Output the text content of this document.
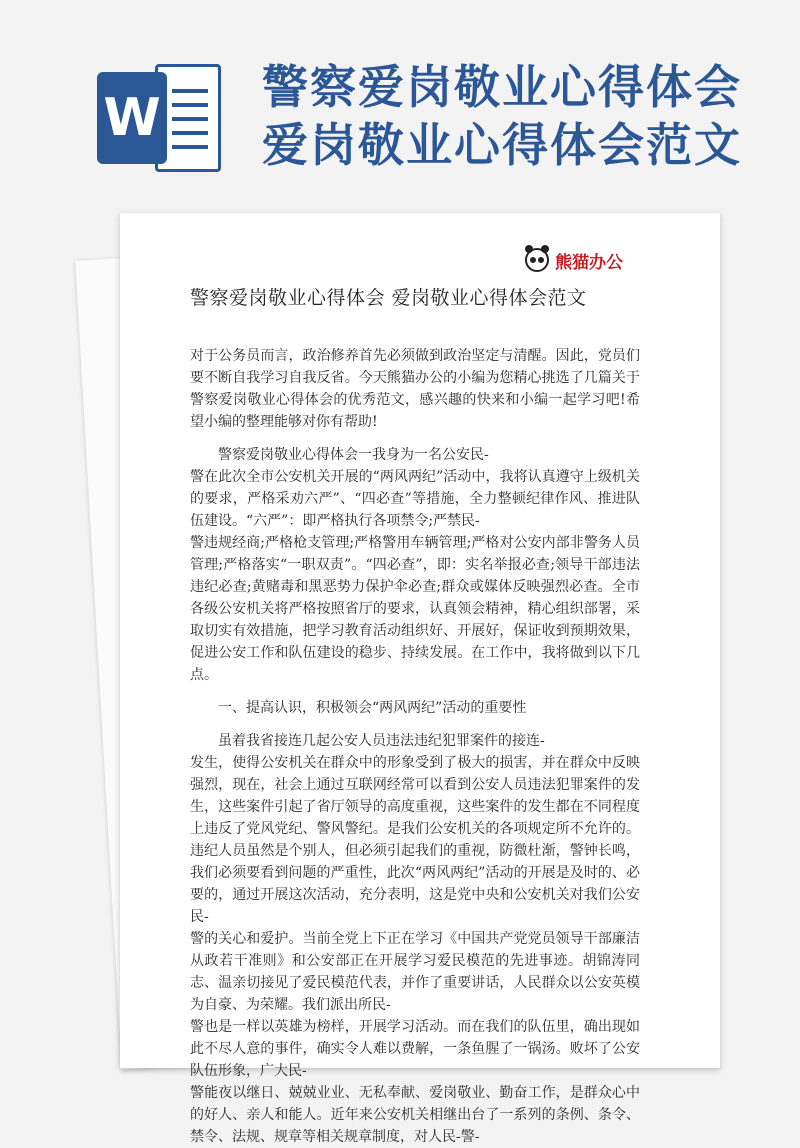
W
警察爱岗敬业心得体会
爱岗敬业心得体会范文
熊猫办公
警察爱岗敬业心得体会 爱岗敬业心得体会范文

对于公务员而言，政治修养首先必须做到政治坚定与清醒。因此，党员们要不断自我学习自我反省。今天熊猫办公的小编为您精心挑选了几篇关于警察爱岗敬业心得体会的优秀范文，感兴趣的快来和小编一起学习吧!希望小编的整理能够对你有帮助!

警察爱岗敬业心得体会一我身为一名公安民-

警在此次全市公安机关开展的“两风两纪”活动中，我将认真遵守上级机关的要求，严格采劝六严”、“四必查”等措施，全力整顿纪律作风、推进队伍建设。“六严”：即严格执行各项禁令;严禁民-

警违规经商;严格枪支管理;严格警用车辆管理;严格对公安内部非警务人员管理;严格落实“一职双责”。“四必查”，即：实名举报必查;领导干部违法违纪必查;黄赌毒和黑恶势力保护伞必查;群众或媒体反映强烈必查。全市各级公安机关将严格按照省厅的要求，认真领会精神，精心组织部署，采取切实有效措施，把学习教育活动组织好、开展好，保证收到预期效果，促进公安工作和队伍建设的稳步、持续发展。在工作中，我将做到以下几点。

一、提高认识，积极领会“两风两纪”活动的重要性

虽着我省接连几起公安人员违法违纪犯罪案件的接连-

发生，使得公安机关在群众中的形象受到了极大的损害，并在群众中反映强烈，现在，社会上通过互联网经常可以看到公安人员违法犯罪案件的发生，这些案件引起了省厅领导的高度重视，这些案件的发生都在不同程度上违反了党风党纪、警风警纪。是我们公安机关的各项规定所不允许的。违纪人员虽然是个别人，但必须引起我们的重视，防微杜渐，警钟长鸣，我们必须要看到问题的严重性，此次“两风两纪”活动的开展是及时的、必要的，通过开展这次活动，充分表明，这是党中央和公安机关对我们公安民-

警的关心和爱护。当前全党上下正在学习《中国共产党党员领导干部廉洁从政若干准则》和公安部正在开展学习爱民模范的先进事迹。胡锦涛同志、温亲切接见了爱民模范代表，并作了重要讲话，人民群众以公安英模为自豪、为荣耀。我们派出所民-

警也是一样以英雄为榜样，开展学习活动。而在我们的队伍里，确出现如此不尽人意的事件，确实令人难以费解，一条鱼腥了一锅汤。败坏了公安队伍形象，广大民-

警能夜以继日、兢兢业业、无私奉献、爱岗敬业、勤奋工作，是群众心中的好人、亲人和能人。近年来公安机关相继出台了一系列的条例、条令、禁令、法规、规章等相关规章制度，对人民-警-
